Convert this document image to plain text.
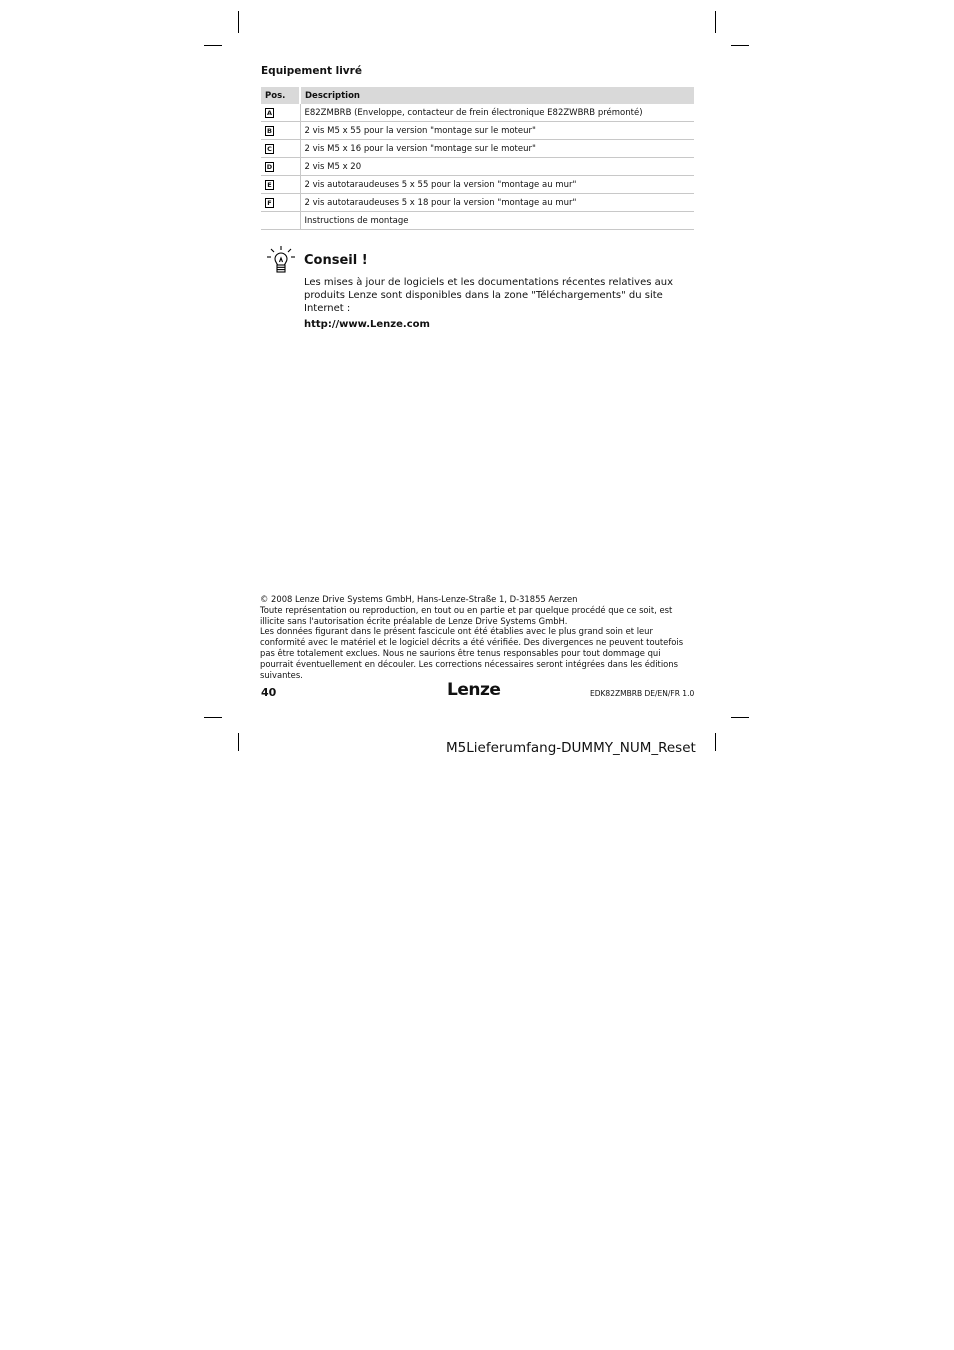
Equipement livré
Pos.	Description
A	E82ZMBRB (Enveloppe, contacteur de frein électronique E82ZWBRB prémonté)
B	2 vis M5 x 55 pour la version "montage sur le moteur"
C	2 vis M5 x 16 pour la version "montage sur le moteur"
D	2 vis M5 x 20
E	2 vis autotaraudeuses 5 x 55 pour la version "montage au mur"
F	2 vis autotaraudeuses 5 x 18 pour la version "montage au mur"
	Instructions de montage
Conseil !
Les mises à jour de logiciels et les documentations récentes relatives aux produits Lenze sont disponibles dans la zone "Téléchargements" du site Internet :
http://www.Lenze.com

© 2008 Lenze Drive Systems GmbH, Hans-Lenze-Straße 1, D-31855 Aerzen

Toute représentation ou reproduction, en tout ou en partie et par quelque procédé que ce soit, est illicite sans l'autorisation écrite préalable de Lenze Drive Systems GmbH.

Les données figurant dans le présent fascicule ont été établies avec le plus grand soin et leur conformité avec le matériel et le logiciel décrits a été vérifiée. Des divergences ne peuvent toutefois pas être totalement exclues. Nous ne saurions être tenus responsables pour tout dommage qui pourrait éventuellement en découler. Les corrections nécessaires seront intégrées dans les éditions suivantes.

40	Lenze	EDK82ZMBRB DE/EN/FR 1.0
M5Lieferumfang-DUMMY_NUM_Reset
